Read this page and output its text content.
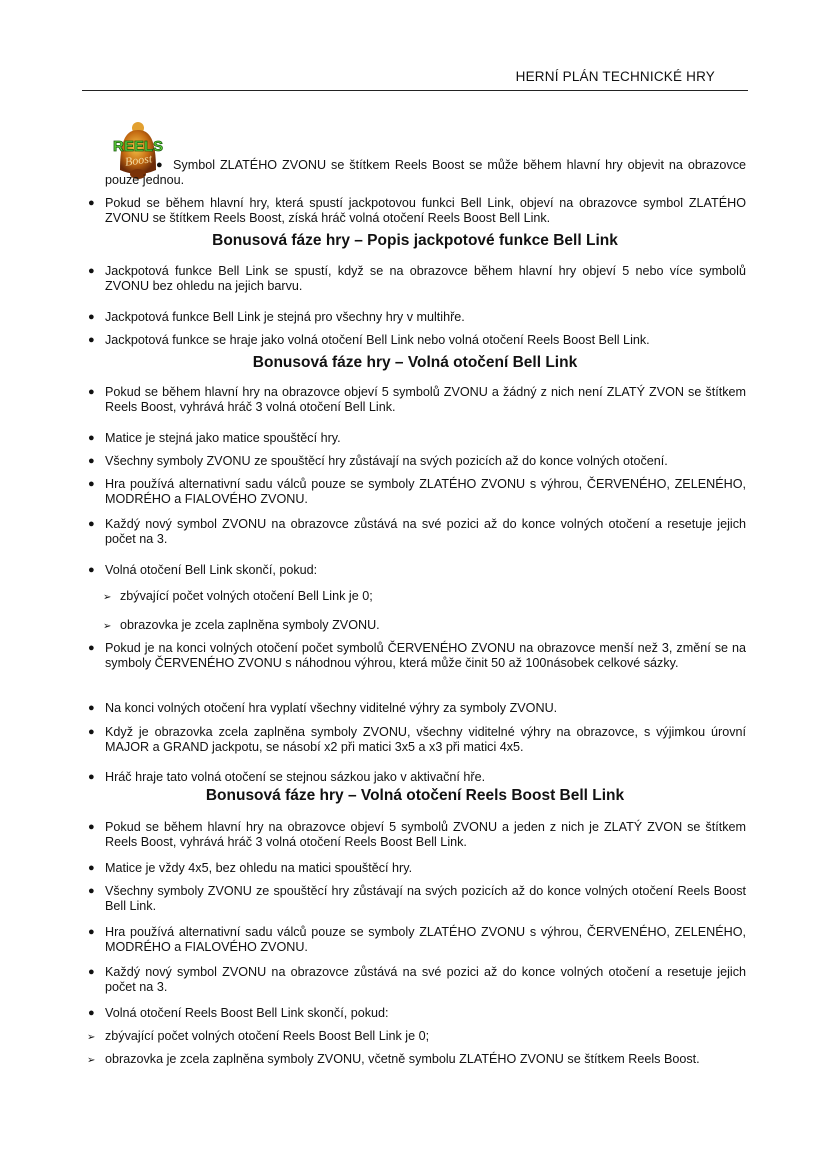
HERNÍ PLÁN TECHNICKÉ HRY
REELS
Boost ● Symbol ZLATÉHO ZVONU se štítkem Reels Boost se může během hlavní hry objevit na obrazovce pouze jednou.
● Pokud se během hlavní hry, která spustí jackpotovou funkci Bell Link, objeví na obrazovce symbol ZLATÉHO ZVONU se štítkem Reels Boost, získá hráč volná otočení Reels Boost Bell Link.
Bonusová fáze hry – Popis jackpotové funkce Bell Link
● Jackpotová funkce Bell Link se spustí, když se na obrazovce během hlavní hry objeví 5 nebo více symbolů ZVONU bez ohledu na jejich barvu.
● Jackpotová funkce Bell Link je stejná pro všechny hry v multihře.
● Jackpotová funkce se hraje jako volná otočení Bell Link nebo volná otočení Reels Boost Bell Link.
Bonusová fáze hry – Volná otočení Bell Link
● Pokud se během hlavní hry na obrazovce objeví 5 symbolů ZVONU a žádný z nich není ZLATÝ ZVON se štítkem Reels Boost, vyhrává hráč 3 volná otočení Bell Link.
● Matice je stejná jako matice spouštěcí hry.
● Všechny symboly ZVONU ze spouštěcí hry zůstávají na svých pozicích až do konce volných otočení.
● Hra používá alternativní sadu válců pouze se symboly ZLATÉHO ZVONU s výhrou, ČERVENÉHO, ZELENÉHO, MODRÉHO a FIALOVÉHO ZVONU.
● Každý nový symbol ZVONU na obrazovce zůstává na své pozici až do konce volných otočení a resetuje jejich počet na 3.
● Volná otočení Bell Link skončí, pokud:
➢ zbývající počet volných otočení Bell Link je 0;
➢ obrazovka je zcela zaplněna symboly ZVONU.
● Pokud je na konci volných otočení počet symbolů ČERVENÉHO ZVONU na obrazovce menší než 3, změní se na symboly ČERVENÉHO ZVONU s náhodnou výhrou, která může činit 50 až 100násobek celkové sázky.
● Na konci volných otočení hra vyplatí všechny viditelné výhry za symboly ZVONU.
● Když je obrazovka zcela zaplněna symboly ZVONU, všechny viditelné výhry na obrazovce, s výjimkou úrovní MAJOR a GRAND jackpotu, se násobí x2 při matici 3x5 a x3 při matici 4x5.
● Hráč hraje tato volná otočení se stejnou sázkou jako v aktivační hře.
Bonusová fáze hry – Volná otočení Reels Boost Bell Link
● Pokud se během hlavní hry na obrazovce objeví 5 symbolů ZVONU a jeden z nich je ZLATÝ ZVON se štítkem Reels Boost, vyhrává hráč 3 volná otočení Reels Boost Bell Link.
● Matice je vždy 4x5, bez ohledu na matici spouštěcí hry.
● Všechny symboly ZVONU ze spouštěcí hry zůstávají na svých pozicích až do konce volných otočení Reels Boost Bell Link.
● Hra používá alternativní sadu válců pouze se symboly ZLATÉHO ZVONU s výhrou, ČERVENÉHO, ZELENÉHO, MODRÉHO a FIALOVÉHO ZVONU.
● Každý nový symbol ZVONU na obrazovce zůstává na své pozici až do konce volných otočení a resetuje jejich počet na 3.
● Volná otočení Reels Boost Bell Link skončí, pokud:
➢ zbývající počet volných otočení Reels Boost Bell Link je 0;
➢ obrazovka je zcela zaplněna symboly ZVONU, včetně symbolu ZLATÉHO ZVONU se štítkem Reels Boost.
